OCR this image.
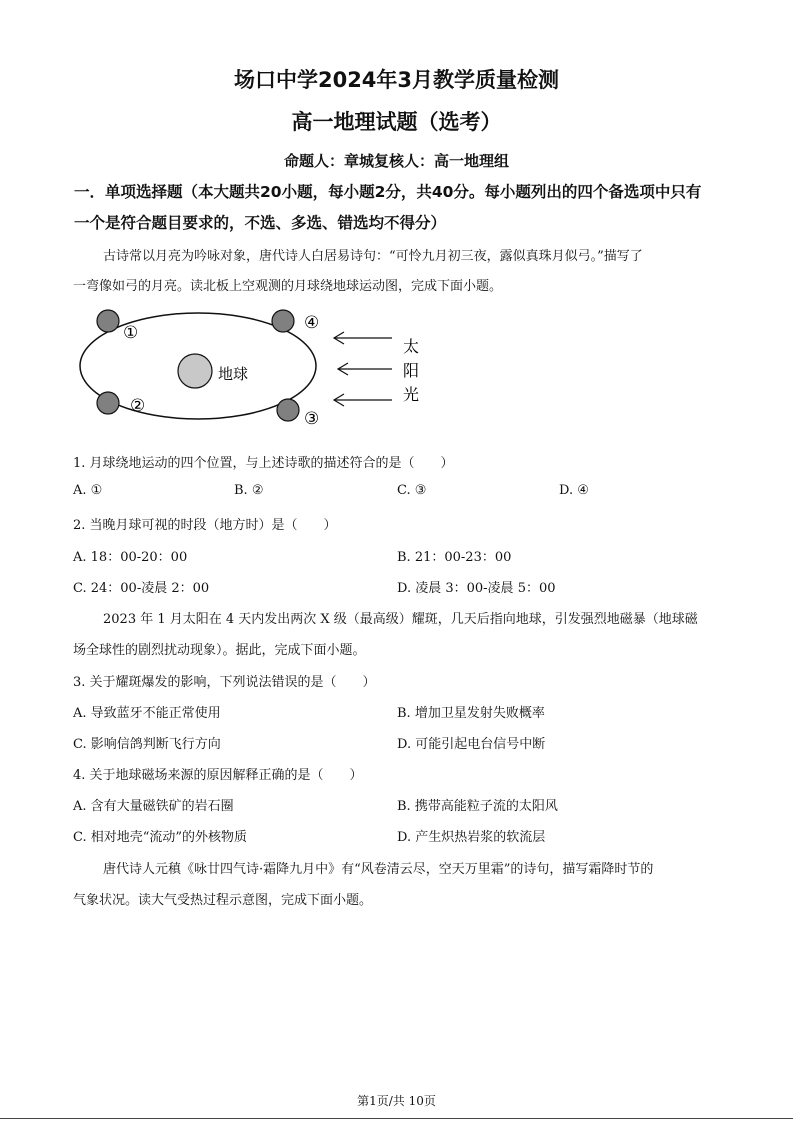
场口中学2024年3月教学质量检测
高一地理试题（选考）
命题人：章城复核人：高一地理组
一．单项选择题（本大题共20小题，每小题2分，共40分。每小题列出的四个备选项中只有
一个是符合题目要求的，不选、多选、错选均不得分）
古诗常以月亮为吟咏对象，唐代诗人白居易诗句：“可怜九月初三夜，露似真珠月似弓。”描写了
一弯像如弓的月亮。读北板上空观测的月球绕地球运动图，完成下面小题。
地球
①
②
③
④
太
阳
光
1. 月球绕地运动的四个位置，与上述诗歌的描述符合的是（　　）
A. ①	B. ②	C. ③	D. ④
2. 当晚月球可视的时段（地方时）是（　　）
A. 18：00-20：00	B. 21：00-23：00
C. 24：00-凌晨 2：00	D. 凌晨 3：00-凌晨 5：00
2023 年 1 月太阳在 4 天内发出两次 X 级（最高级）耀斑，几天后指向地球，引发强烈地磁暴（地球磁
场全球性的剧烈扰动现象）。据此，完成下面小题。
3. 关于耀斑爆发的影响，下列说法错误的是（　　）
A. 导致蓝牙不能正常使用	B. 增加卫星发射失败概率
C. 影响信鸽判断飞行方向	D. 可能引起电台信号中断
4. 关于地球磁场来源的原因解释正确的是（　　）
A. 含有大量磁铁矿的岩石圈	B. 携带高能粒子流的太阳风
C. 相对地壳“流动”的外核物质	D. 产生炽热岩浆的软流层
唐代诗人元稹《咏廿四气诗·霜降九月中》有“风卷清云尽，空天万里霜”的诗句，描写霜降时节的
气象状况。读大气受热过程示意图，完成下面小题。
第1页/共 10页
